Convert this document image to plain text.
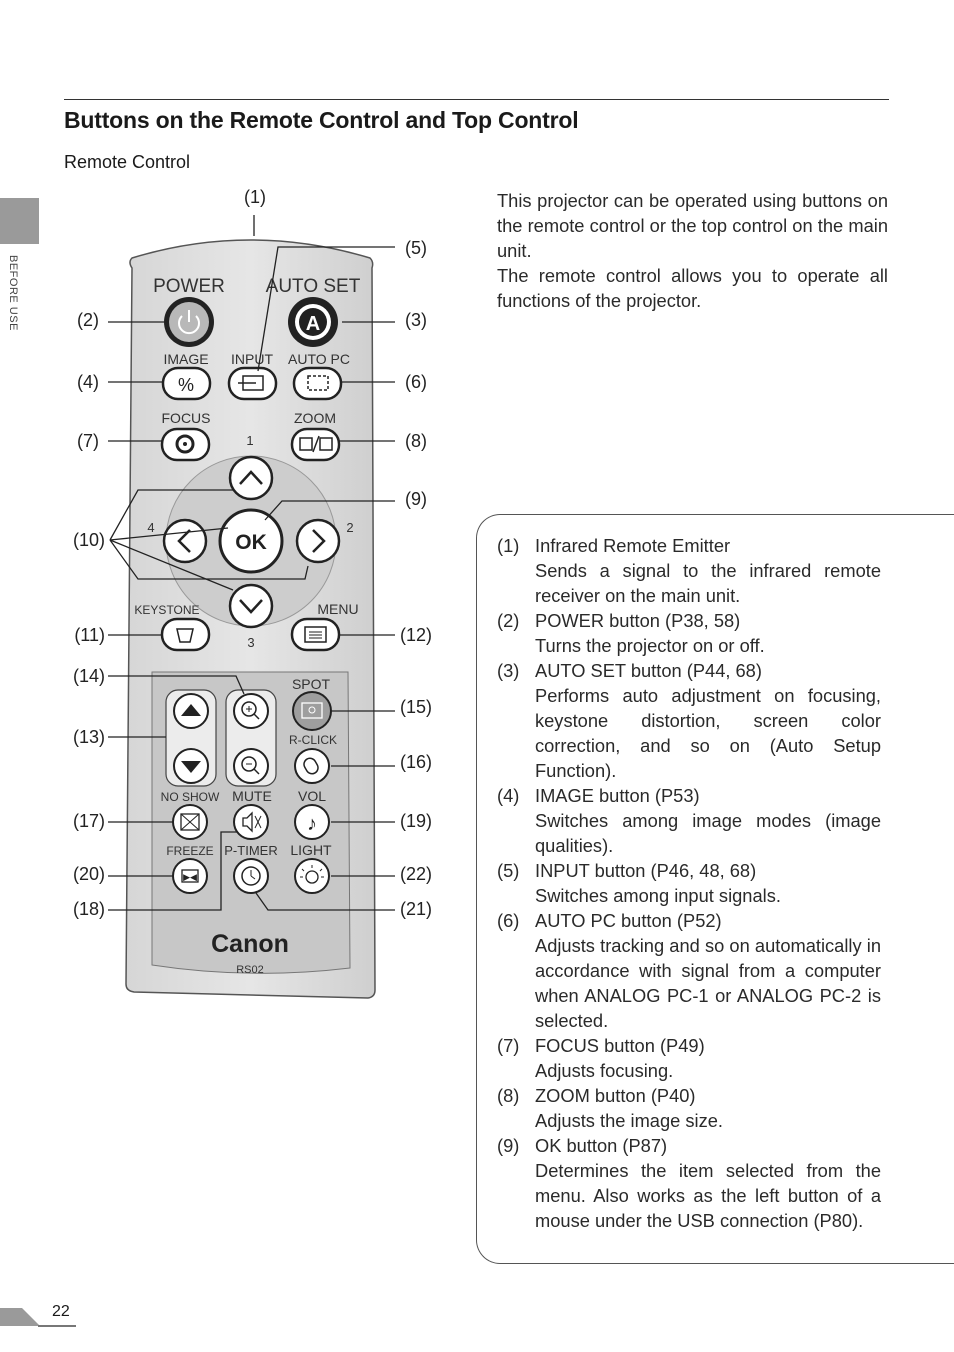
Buttons on the Remote Control and Top Control
Remote Control
BEFORE USE	POWER AUTO SET
IMAGE INPUT AUTO PC
FOCUS	ZOOM
1
2
3
4
KEYSTONE	MENU
SPOT
R-CLICK
NO SHOW MUTE VOL
FREEZE P-TIMER LIGHT
A
%
OK
♪
▶◀
Canon
RS02
(1)
(2)	(3)
(4)
(5)
(6)
(7)	(8)
(9)
(10)
(11)	(12)
(13)
(14)
(15)
(16)
(17)
(18)
(19)
(20)
(21)
(22)

This projector can be operated using buttons on the remote control or the top control on the main unit.

The remote control allows you to operate all functions of the projector.

(1) Infrared Remote Emitter
Sends a signal to the infrared remote receiver on the main unit.
(2) POWER button (P38, 58)
Turns the projector on or off.
(3) AUTO SET button (P44, 68)
Performs auto adjustment on focusing, keystone distortion, screen color correction, and so on (Auto Setup Function).
(4) IMAGE button (P53)
Switches among image modes (image qualities).
(5) INPUT button (P46, 48, 68)
Switches among input signals.
(6) AUTO PC button (P52)
Adjusts tracking and so on automatically in accordance with signal from a computer when ANALOG PC-1 or ANALOG PC-2 is selected.
(7) FOCUS button (P49)
Adjusts focusing.
(8) ZOOM button (P40)
Adjusts the image size.
(9) OK button (P87)
Determines the item selected from the menu. Also works as the left button of a mouse under the USB connection (P80).
22
